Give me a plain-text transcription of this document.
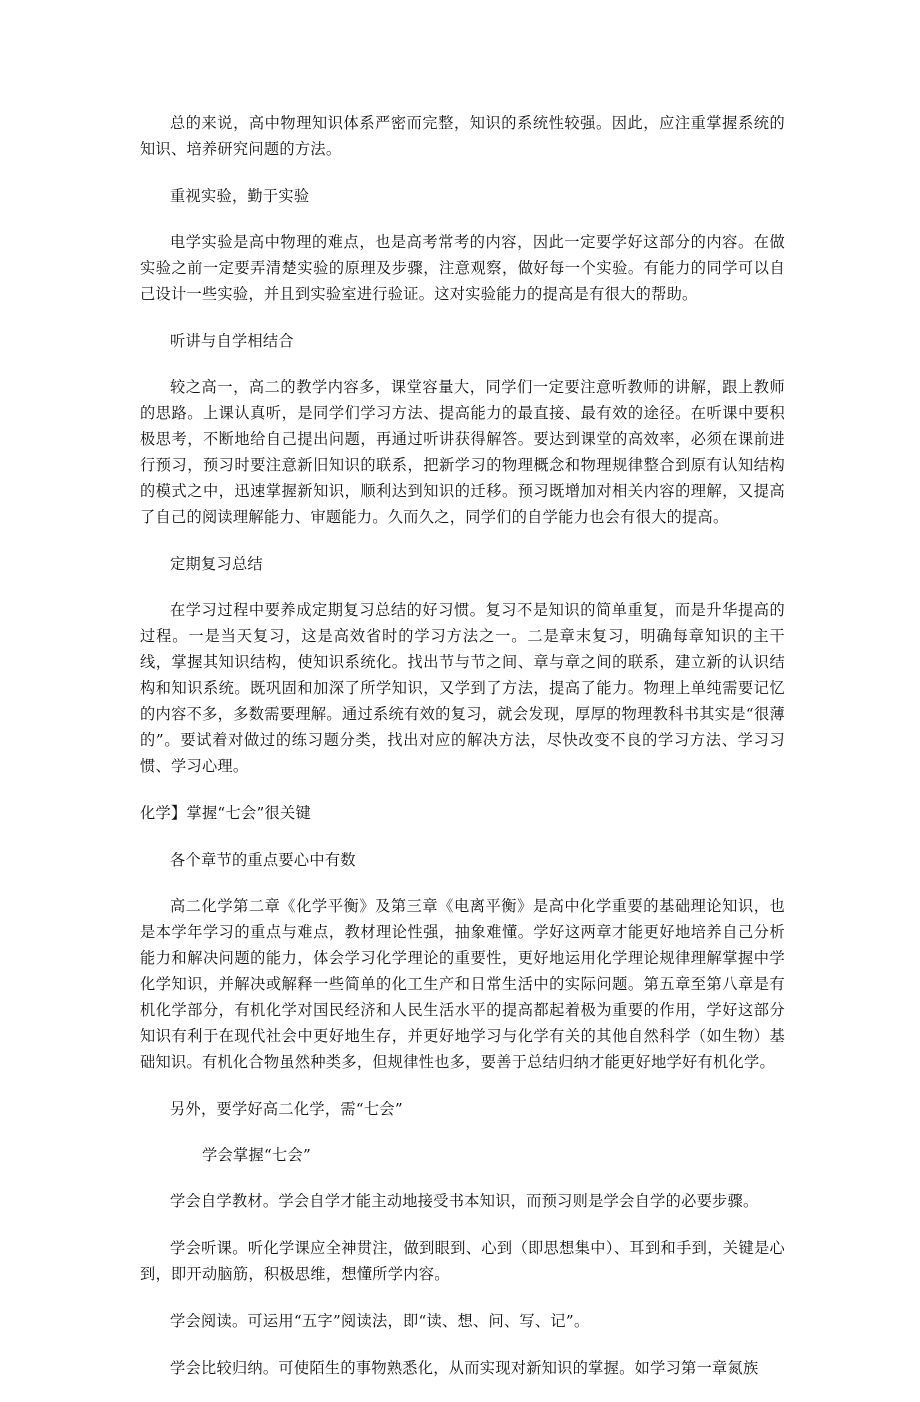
总的来说，高中物理知识体系严密而完整，知识的系统性较强。因此，应注重掌握系统的知识、培养研究问题的方法。

重视实验，勤于实验

电学实验是高中物理的难点，也是高考常考的内容，因此一定要学好这部分的内容。在做实验之前一定要弄清楚实验的原理及步骤，注意观察，做好每一个实验。有能力的同学可以自己设计一些实验，并且到实验室进行验证。这对实验能力的提高是有很大的帮助。

听讲与自学相结合

较之高一，高二的教学内容多，课堂容量大，同学们一定要注意听教师的讲解，跟上教师的思路。上课认真听，是同学们学习方法、提高能力的最直接、最有效的途径。在听课中要积极思考，不断地给自己提出问题，再通过听讲获得解答。要达到课堂的高效率，必须在课前进行预习，预习时要注意新旧知识的联系，把新学习的物理概念和物理规律整合到原有认知结构的模式之中，迅速掌握新知识，顺利达到知识的迁移。预习既增加对相关内容的理解，又提高了自己的阅读理解能力、审题能力。久而久之，同学们的自学能力也会有很大的提高。

定期复习总结

在学习过程中要养成定期复习总结的好习惯。复习不是知识的简单重复，而是升华提高的过程。一是当天复习，这是高效省时的学习方法之一。二是章末复习，明确每章知识的主干线，掌握其知识结构，使知识系统化。找出节与节之间、章与章之间的联系，建立新的认识结构和知识系统。既巩固和加深了所学知识，又学到了方法，提高了能力。物理上单纯需要记忆的内容不多，多数需要理解。通过系统有效的复习，就会发现，厚厚的物理教科书其实是“很薄的”。要试着对做过的练习题分类，找出对应的解决方法，尽快改变不良的学习方法、学习习惯、学习心理。

化学】掌握“七会”很关键

各个章节的重点要心中有数

高二化学第二章《化学平衡》及第三章《电离平衡》是高中化学重要的基础理论知识，也是本学年学习的重点与难点，教材理论性强，抽象难懂。学好这两章才能更好地培养自己分析能力和解决问题的能力，体会学习化学理论的重要性，更好地运用化学理论规律理解掌握中学化学知识，并解决或解释一些简单的化工生产和日常生活中的实际问题。第五章至第八章是有机化学部分，有机化学对国民经济和人民生活水平的提高都起着极为重要的作用，学好这部分知识有利于在现代社会中更好地生存，并更好地学习与化学有关的其他自然科学（如生物）基础知识。有机化合物虽然种类多，但规律性也多，要善于总结归纳才能更好地学好有机化学。

另外，要学好高二化学，需“七会”

学会掌握“七会”

学会自学教材。学会自学才能主动地接受书本知识，而预习则是学会自学的必要步骤。

学会听课。听化学课应全神贯注，做到眼到、心到（即思想集中）、耳到和手到，关键是心到，即开动脑筋，积极思维，想懂所学内容。

学会阅读。可运用“五字”阅读法，即“读、想、问、写、记”。

学会比较归纳。可使陌生的事物熟悉化，从而实现对新知识的掌握。如学习第一章氮族
